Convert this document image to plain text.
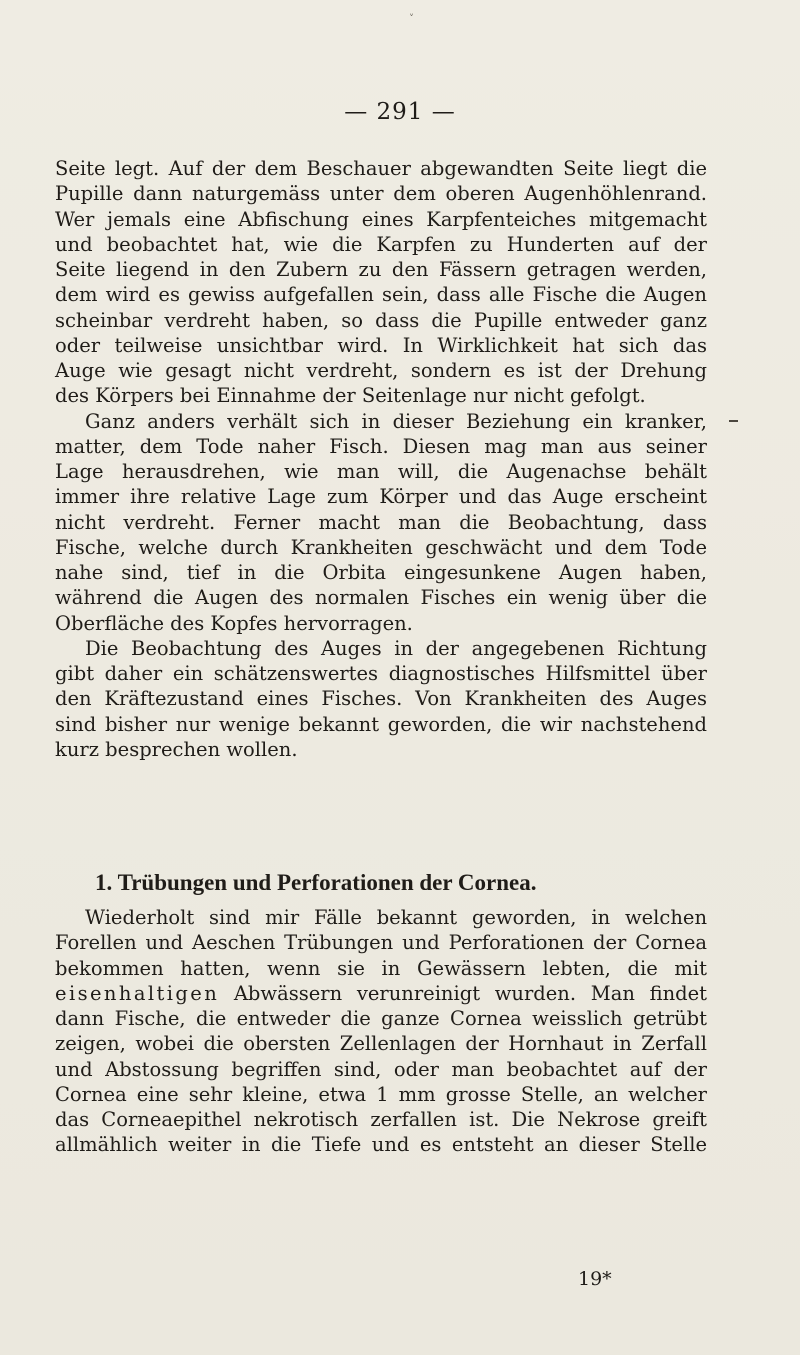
˅
— 291 —
Seite legt. Auf der dem Beschauer abgewandten Seite liegt die
Pupille dann naturgemäss unter dem oberen Augenhöhlenrand.
Wer jemals eine Abfischung eines Karpfenteiches mitgemacht
und beobachtet hat, wie die Karpfen zu Hunderten auf der
Seite liegend in den Zubern zu den Fässern getragen werden,
dem wird es gewiss aufgefallen sein, dass alle Fische die Augen
scheinbar verdreht haben, so dass die Pupille entweder ganz
oder teilweise unsichtbar wird. In Wirklichkeit hat sich das
Auge wie gesagt nicht verdreht, sondern es ist der Drehung
des Körpers bei Einnahme der Seitenlage nur nicht gefolgt.
Ganz anders verhält sich in dieser Beziehung ein kranker,
matter, dem Tode naher Fisch. Diesen mag man aus seiner
Lage herausdrehen, wie man will, die Augenachse behält
immer ihre relative Lage zum Körper und das Auge erscheint
nicht verdreht. Ferner macht man die Beobachtung, dass
Fische, welche durch Krankheiten geschwächt und dem Tode
nahe sind, tief in die Orbita eingesunkene Augen haben,
während die Augen des normalen Fisches ein wenig über die
Oberfläche des Kopfes hervorragen.
Die Beobachtung des Auges in der angegebenen Richtung
gibt daher ein schätzenswertes diagnostisches Hilfsmittel über
den Kräftezustand eines Fisches. Von Krankheiten des Auges
sind bisher nur wenige bekannt geworden, die wir nachstehend
kurz besprechen wollen.
1. Trübungen und Perforationen der Cornea.
Wiederholt sind mir Fälle bekannt geworden, in welchen
Forellen und Aeschen Trübungen und Perforationen der Cornea
bekommen hatten, wenn sie in Gewässern lebten, die mit
eisenhaltigen Abwässern verunreinigt wurden. Man findet
dann Fische, die entweder die ganze Cornea weisslich getrübt
zeigen, wobei die obersten Zellenlagen der Hornhaut in Zerfall
und Abstossung begriffen sind, oder man beobachtet auf der
Cornea eine sehr kleine, etwa 1 mm grosse Stelle, an welcher
das Corneaepithel nekrotisch zerfallen ist. Die Nekrose greift
allmählich weiter in die Tiefe und es entsteht an dieser Stelle
19*
